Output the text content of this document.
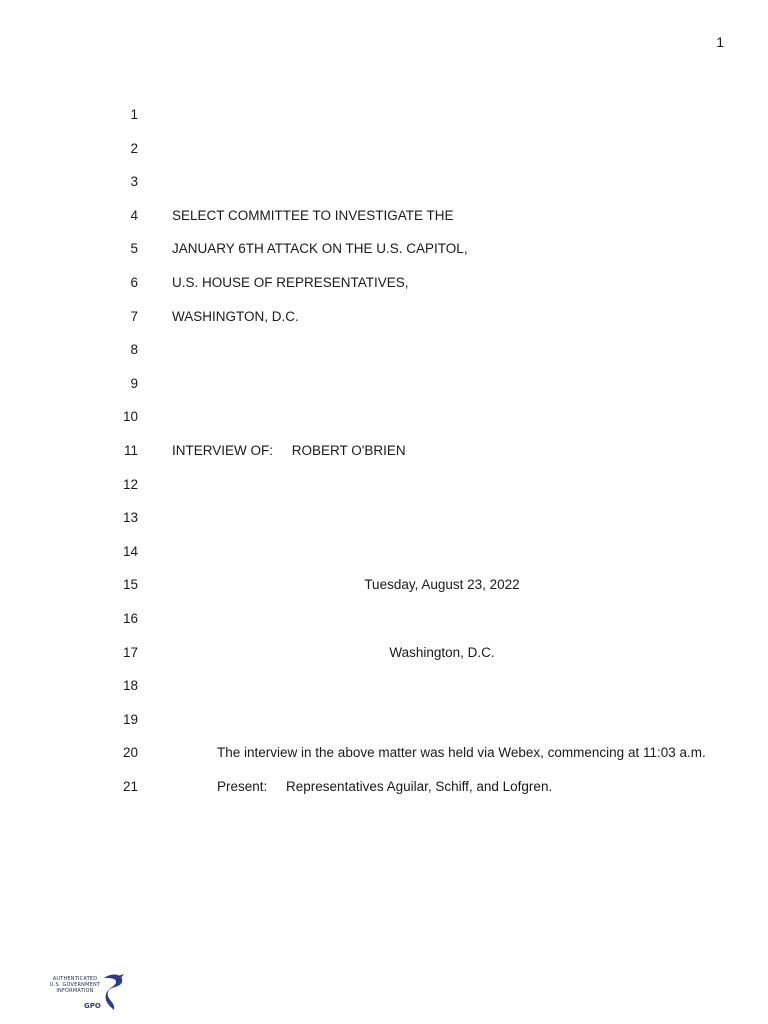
1
1
2
3
4	SELECT COMMITTEE TO INVESTIGATE THE
5	JANUARY 6TH ATTACK ON THE U.S. CAPITOL,
6	U.S. HOUSE OF REPRESENTATIVES,
7	WASHINGTON, D.C.
8
9
10
11	INTERVIEW OF:     ROBERT O'BRIEN
12
13
14
15	Tuesday, August 23, 2022
16
17	Washington, D.C.
18
19
20	The interview in the above matter was held via Webex, commencing at 11:03 a.m.
21	Present:     Representatives Aguilar, Schiff, and Lofgren.
AUTHENTICATED
U.S. GOVERNMENT
INFORMATION
GPO
